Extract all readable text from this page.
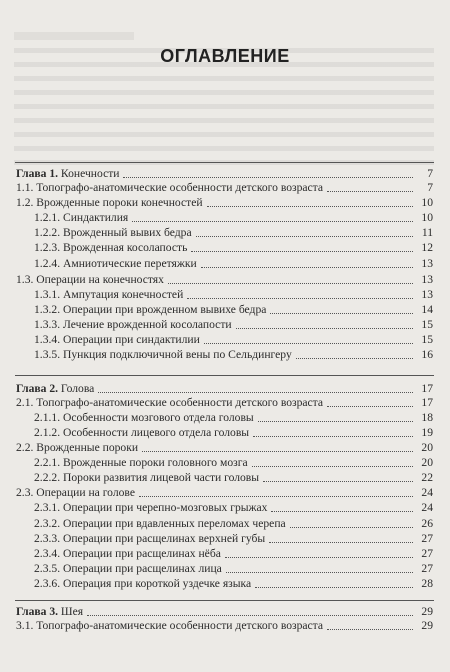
ОГЛАВЛЕНИЕ
Глава 1. Конечности	7
1.1. Топографо-анатомические особенности детского возраста	7
1.2. Врожденные пороки конечностей	10
1.2.1. Синдактилия	10
1.2.2. Врожденный вывих бедра	11
1.2.3. Врожденная косолапость	12
1.2.4. Амниотические перетяжки	13
1.3. Операции на конечностях	13
1.3.1. Ампутация конечностей	13
1.3.2. Операции при врожденном вывихе бедра	14
1.3.3. Лечение врожденной косолапости	15
1.3.4. Операции при синдактилии	15
1.3.5. Пункция подключичной вены по Сельдингеру	16
Глава 2. Голова	17
2.1. Топографо-анатомические особенности детского возраста	17
2.1.1. Особенности мозгового отдела головы	18
2.1.2. Особенности лицевого отдела головы	19
2.2. Врожденные пороки	20
2.2.1. Врожденные пороки головного мозга	20
2.2.2. Пороки развития лицевой части головы	22
2.3. Операции на голове	24
2.3.1. Операции при черепно-мозговых грыжах	24
2.3.2. Операции при вдавленных переломах черепа	26
2.3.3. Операции при расщелинах верхней губы	27
2.3.4. Операции при расщелинах нёба	27
2.3.5. Операции при расщелинах лица	27
2.3.6. Операция при короткой уздечке языка	28
Глава 3. Шея	29
3.1. Топографо-анатомические особенности детского возраста	29
